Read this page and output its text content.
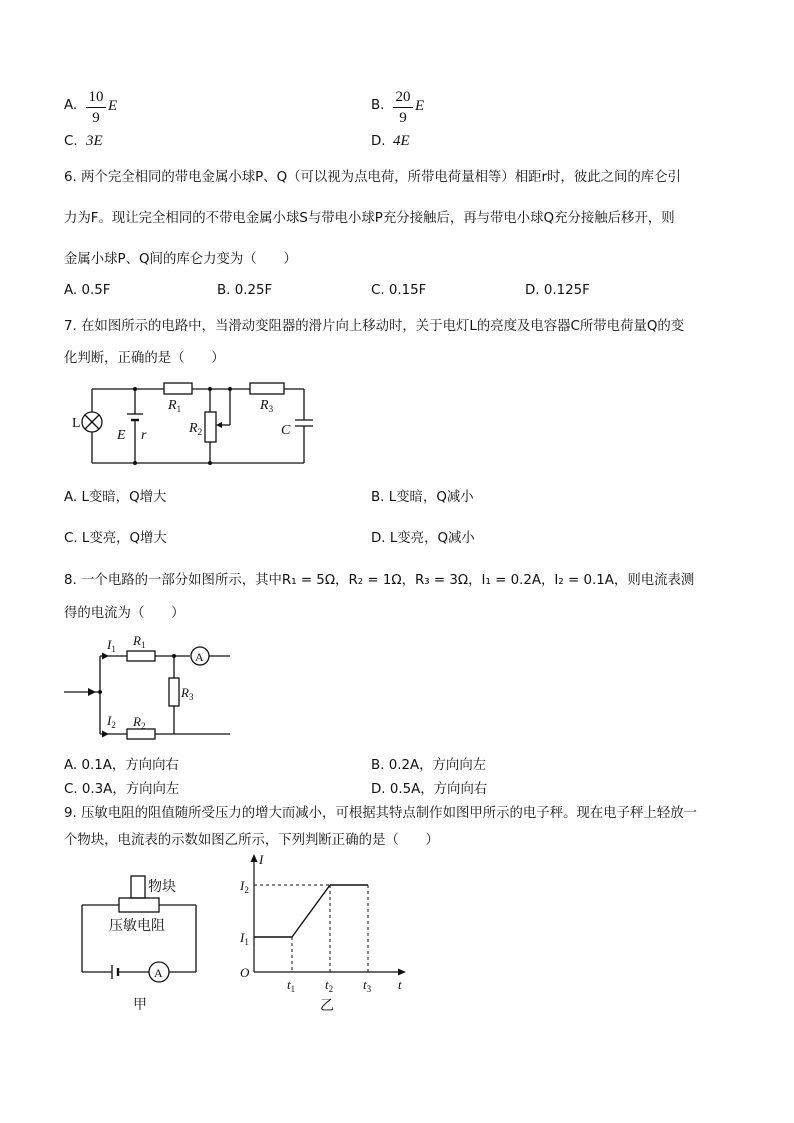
A.
10
9
E	B.
20
9
E
C. 3E	D. 4E
6. 两个完全相同的带电金属小球P、Q（可以视为点电荷，所带电荷量相等）相距r时，彼此之间的库仑引
力为F。现让完全相同的不带电金属小球S与带电小球P充分接触后，再与带电小球Q充分接触后移开，则
金属小球P、Q间的库仑力变为（　　）
A. 0.5F	B. 0.25F	C. 0.15F	D. 0.125F
7. 在如图所示的电路中，当滑动变阻器的滑片向上移动时，关于电灯L的亮度及电容器C所带电荷量Q的变
化判断，正确的是（　　）
L
E r
$R_1$
$R_2$
$R_3$
C
A. L变暗，Q增大	B. L变暗，Q减小
C. L变亮，Q增大	D. L变亮，Q减小
8. 一个电路的一部分如图所示，其中R₁ = 5Ω，R₂ = 1Ω，R₃ = 3Ω，I₁ = 0.2A，I₂ = 0.1A，则电流表测
得的电流为（　　）
$I_1$
$R_1$
A
$R_3$
$I_2$ $R_2$
A. 0.1A，方向向右	B. 0.2A，方向向左
C. 0.3A，方向向左	D. 0.5A，方向向右
9. 压敏电阻的阻值随所受压力的增大而减小，可根据其特点制作如图甲所示的电子秤。现在电子秤上轻放一
个物块，电流表的示数如图乙所示，下列判断正确的是（　　）
物块
压敏电阻
A
甲
I
t
O
$t_1$ $t_2$ $t_3$
$I_1$
$I_2$
乙
